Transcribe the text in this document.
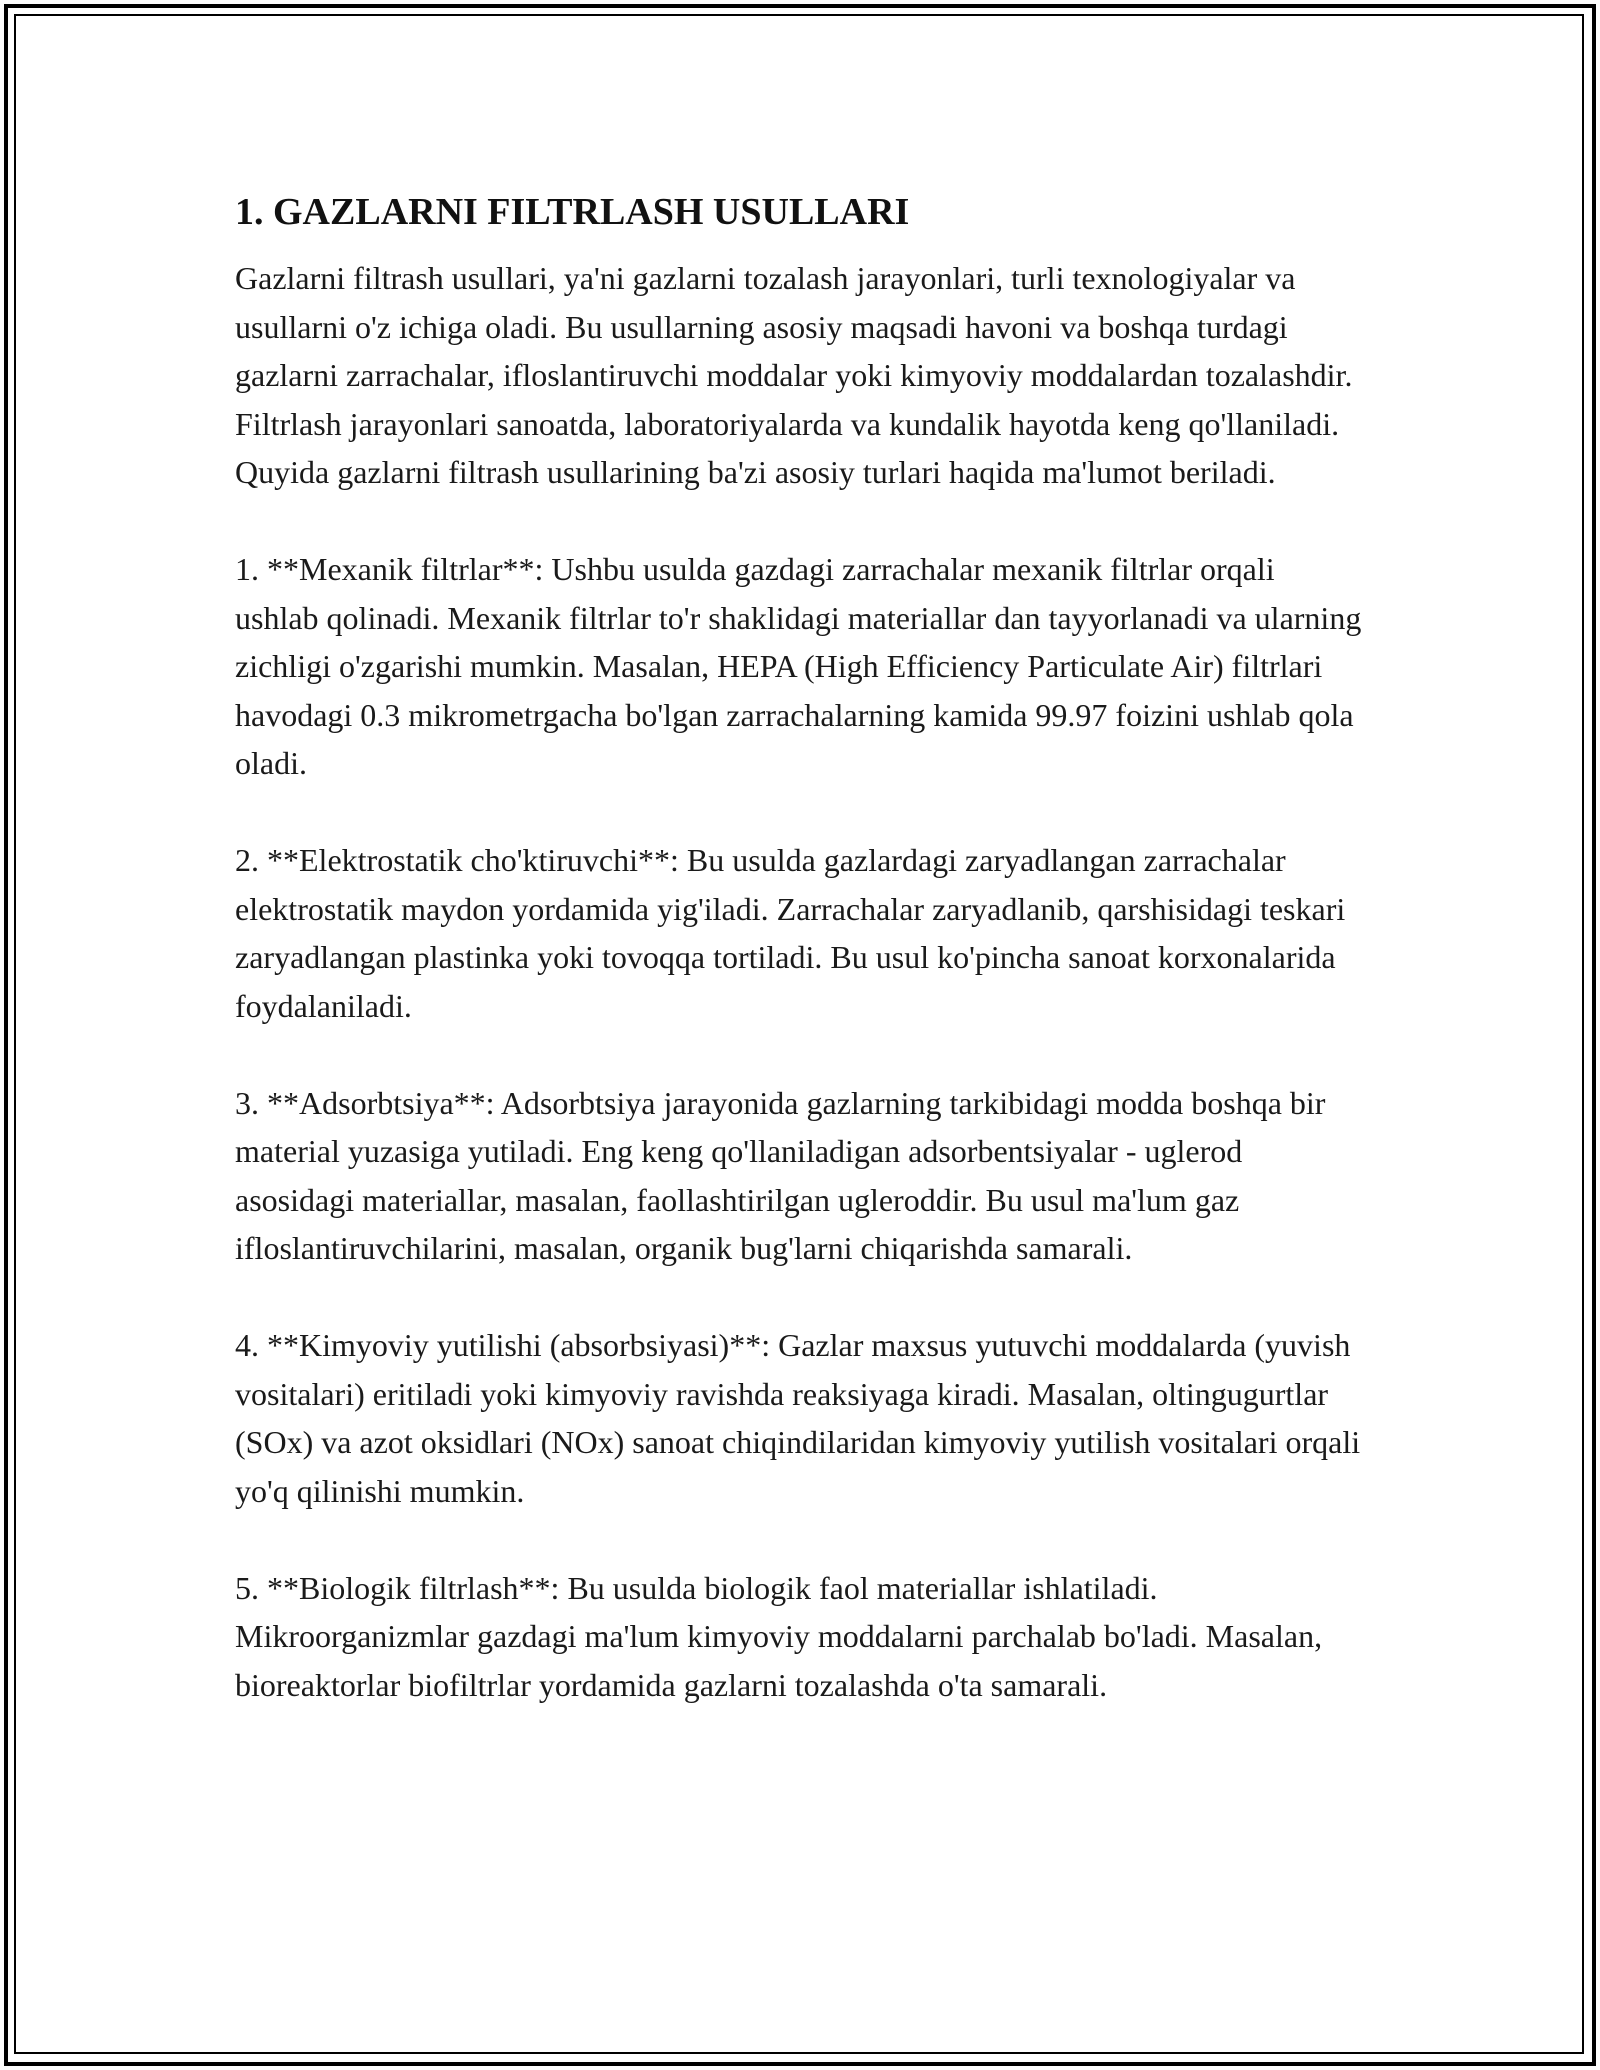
1. GAZLARNI FILTRLASH USULLARI

Gazlarni filtrash usullari, ya'ni gazlarni tozalash jarayonlari, turli texnologiyalar va usullarni o'z ichiga oladi. Bu usullarning asosiy maqsadi havoni va boshqa turdagi gazlarni zarrachalar, ifloslantiruvchi moddalar yoki kimyoviy moddalardan tozalashdir. Filtrlash jarayonlari sanoatda, laboratoriyalarda va kundalik hayotda keng qo'llaniladi. Quyida gazlarni filtrash usullarining ba'zi asosiy turlari haqida ma'lumot beriladi.

1. **Mexanik filtrlar**: Ushbu usulda gazdagi zarrachalar mexanik filtrlar orqali ushlab qolinadi. Mexanik filtrlar to'r shaklidagi materiallar dan tayyorlanadi va ularning zichligi o'zgarishi mumkin. Masalan, HEPA (High Efficiency Particulate Air) filtrlari havodagi 0.3 mikrometrgacha bo'lgan zarrachalarning kamida 99.97 foizini ushlab qola oladi.

2. **Elektrostatik cho'ktiruvchi**: Bu usulda gazlardagi zaryadlangan zarrachalar elektrostatik maydon yordamida yig'iladi. Zarrachalar zaryadlanib, qarshisidagi teskari zaryadlangan plastinka yoki tovoqqa tortiladi. Bu usul ko'pincha sanoat korxonalarida foydalaniladi.

3. **Adsorbtsiya**: Adsorbtsiya jarayonida gazlarning tarkibidagi modda boshqa bir material yuzasiga yutiladi. Eng keng qo'llaniladigan adsorbentsiyalar - uglerod asosidagi materiallar, masalan, faollashtirilgan ugleroddir. Bu usul ma'lum gaz ifloslantiruvchilarini, masalan, organik bug'larni chiqarishda samarali.

4. **Kimyoviy yutilishi (absorbsiyasi)**: Gazlar maxsus yutuvchi moddalarda (yuvish vositalari) eritiladi yoki kimyoviy ravishda reaksiyaga kiradi. Masalan, oltingugurtlar (SOx) va azot oksidlari (NOx) sanoat chiqindilaridan kimyoviy yutilish vositalari orqali yo'q qilinishi mumkin.

5. **Biologik filtrlash**: Bu usulda biologik faol materiallar ishlatiladi. Mikroorganizmlar gazdagi ma'lum kimyoviy moddalarni parchalab bo'ladi. Masalan, bioreaktorlar biofiltrlar yordamida gazlarni tozalashda o'ta samarali.
